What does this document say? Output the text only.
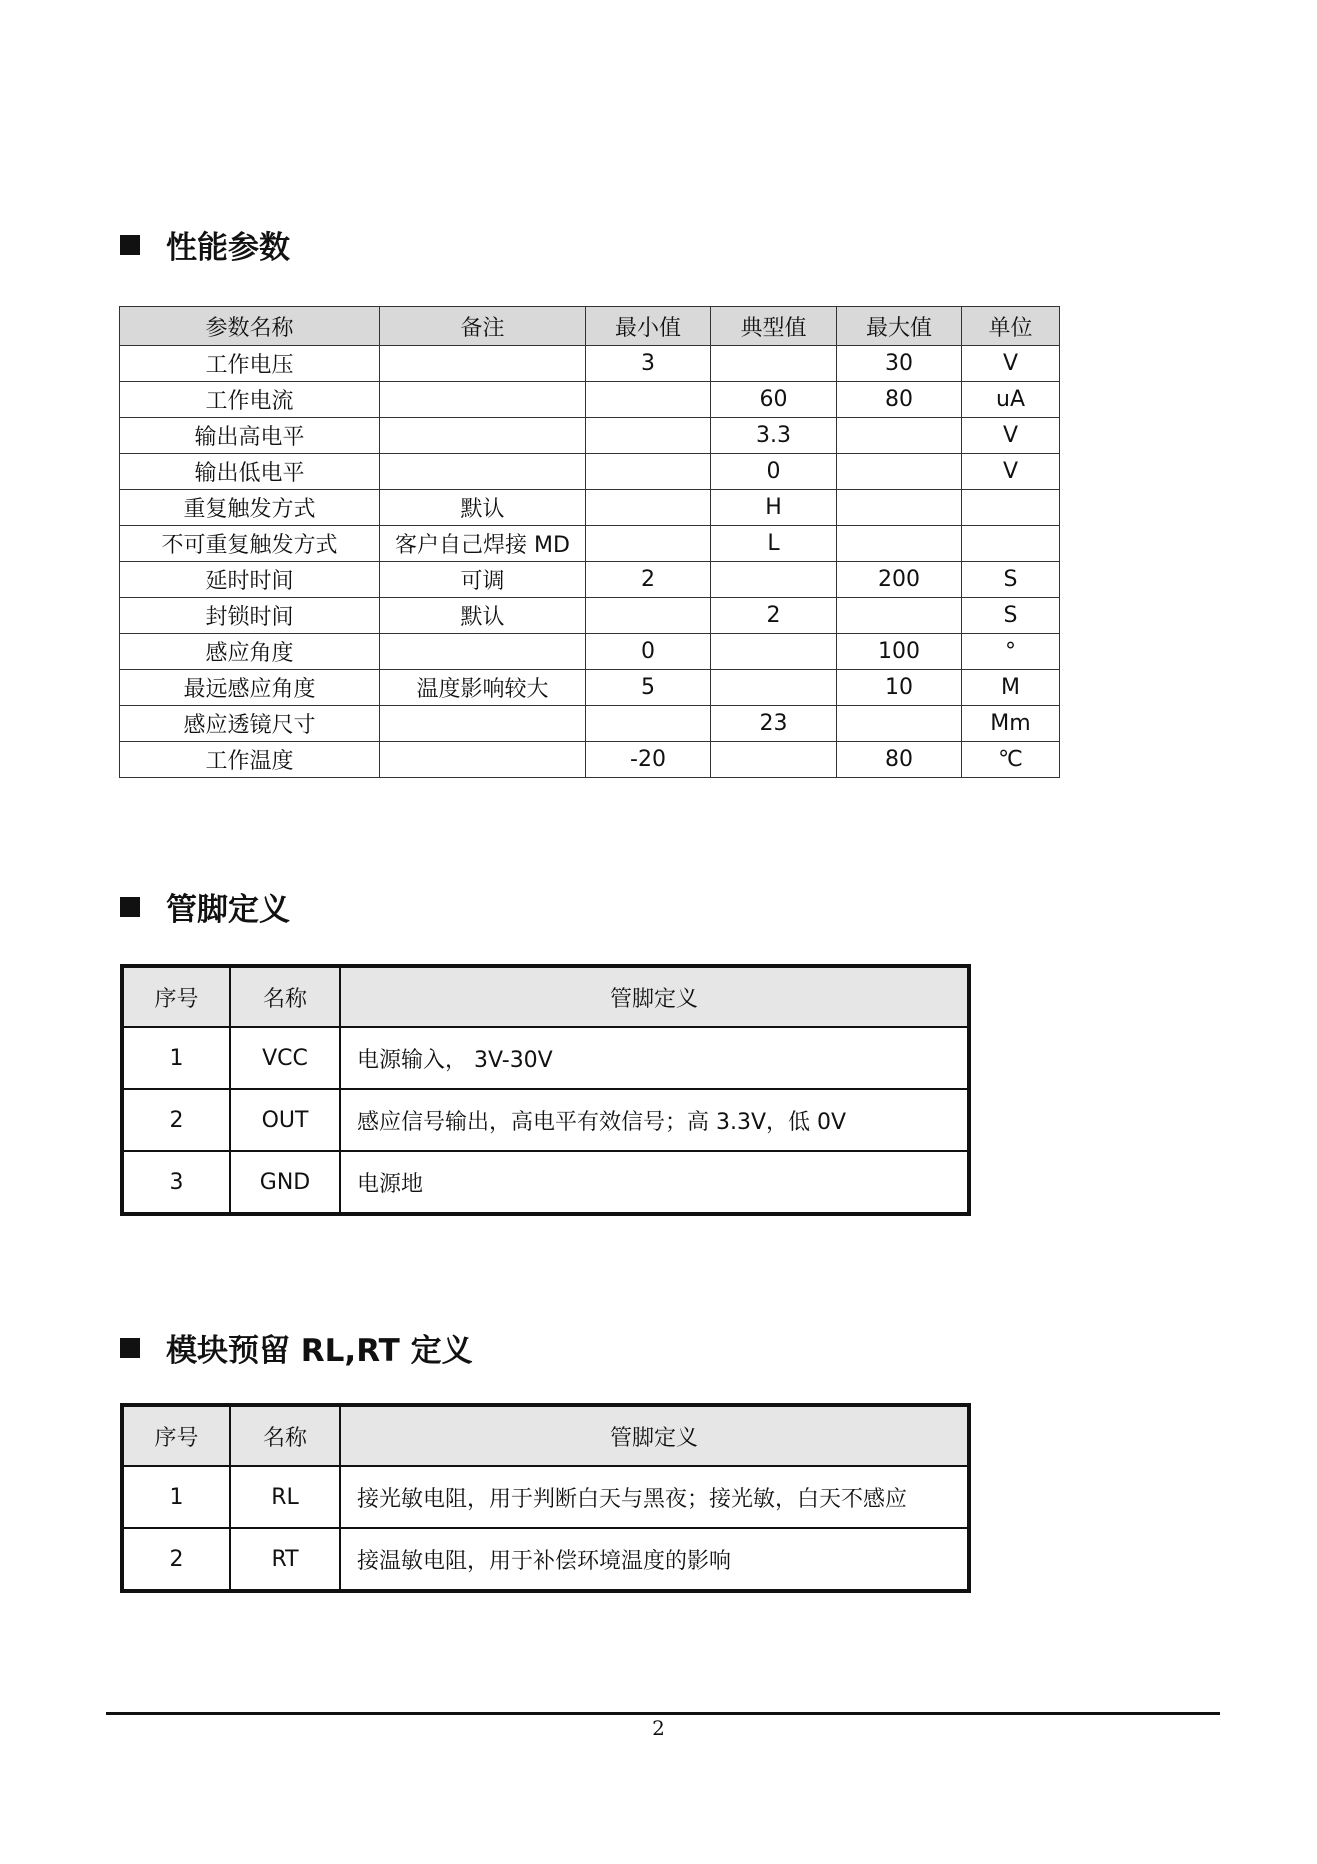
性能参数
参数名称	备注	最小值	典型值	最大值	单位
工作电压		3		30	V
工作电流			60	80	uA
输出高电平			3.3		V
输出低电平			0		V
重复触发方式	默认		H		
不可重复触发方式	客户自己焊接 MD		L		
延时时间	可调	2		200	S
封锁时间	默认		2		S
感应角度		0		100	°
最远感应角度	温度影响较大	5		10	M
感应透镜尺寸			23		Mm
工作温度		-20		80	℃
管脚定义
序号	名称	管脚定义
1	VCC	电源输入， 3V-30V
2	OUT	感应信号输出，高电平有效信号；高 3.3V，低 0V
3	GND	电源地
模块预留 RL,RT 定义
序号	名称	管脚定义
1	RL	接光敏电阻，用于判断白天与黑夜；接光敏，白天不感应
2	RT	接温敏电阻，用于补偿环境温度的影响
2
